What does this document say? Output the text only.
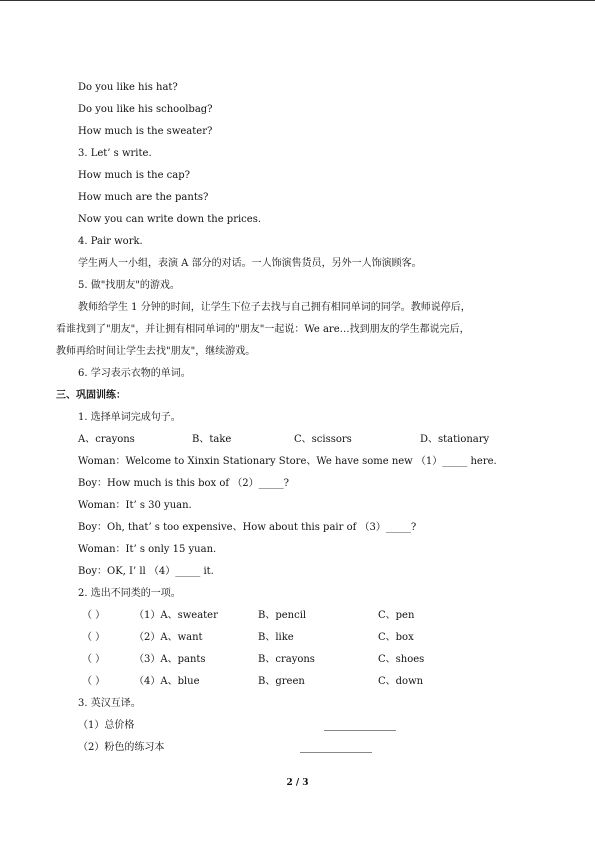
Do you like his hat?
Do you like his schoolbag?
How much is the sweater?
3. Let’ s write.
How much is the cap?
How much are the pants?
Now you can write down the prices.
4. Pair work.
学生两人一小组，表演 A 部分的对话。一人饰演售货员，另外一人饰演顾客。
5. 做"找朋友"的游戏。
教师给学生 1 分钟的时间，让学生下位子去找与自己拥有相同单词的同学。教师说停后，
看谁找到了"朋友"，并让拥有相同单词的"朋友"一起说：We are…找到朋友的学生都说完后，
教师再给时间让学生去找"朋友"，继续游戏。
6. 学习表示衣物的单词。
三、巩固训练：
1. 选择单词完成句子。
A、crayons	B、take	C、scissors	D、stationary
Woman：Welcome to Xinxin Stationary Store、We have some new （1）_____ here.
Boy：How much is this box of （2）_____?
Woman：It’ s 30 yuan.
Boy：Oh, that’ s too expensive、How about this pair of （3）_____?
Woman：It’ s only 15 yuan.
Boy：OK, I’ ll （4）_____ it.
2. 选出不同类的一项。
（ ）	（1）A、sweater	B、pencil	C、pen
（ ）	（2）A、want	B、like	C、box
（ ）	（3）A、pants	B、crayons	C、shoes
（ ）	（4）A、blue	B、green	C、down
3. 英汉互译。
（1）总价格
（2）粉色的练习本
2 / 3
